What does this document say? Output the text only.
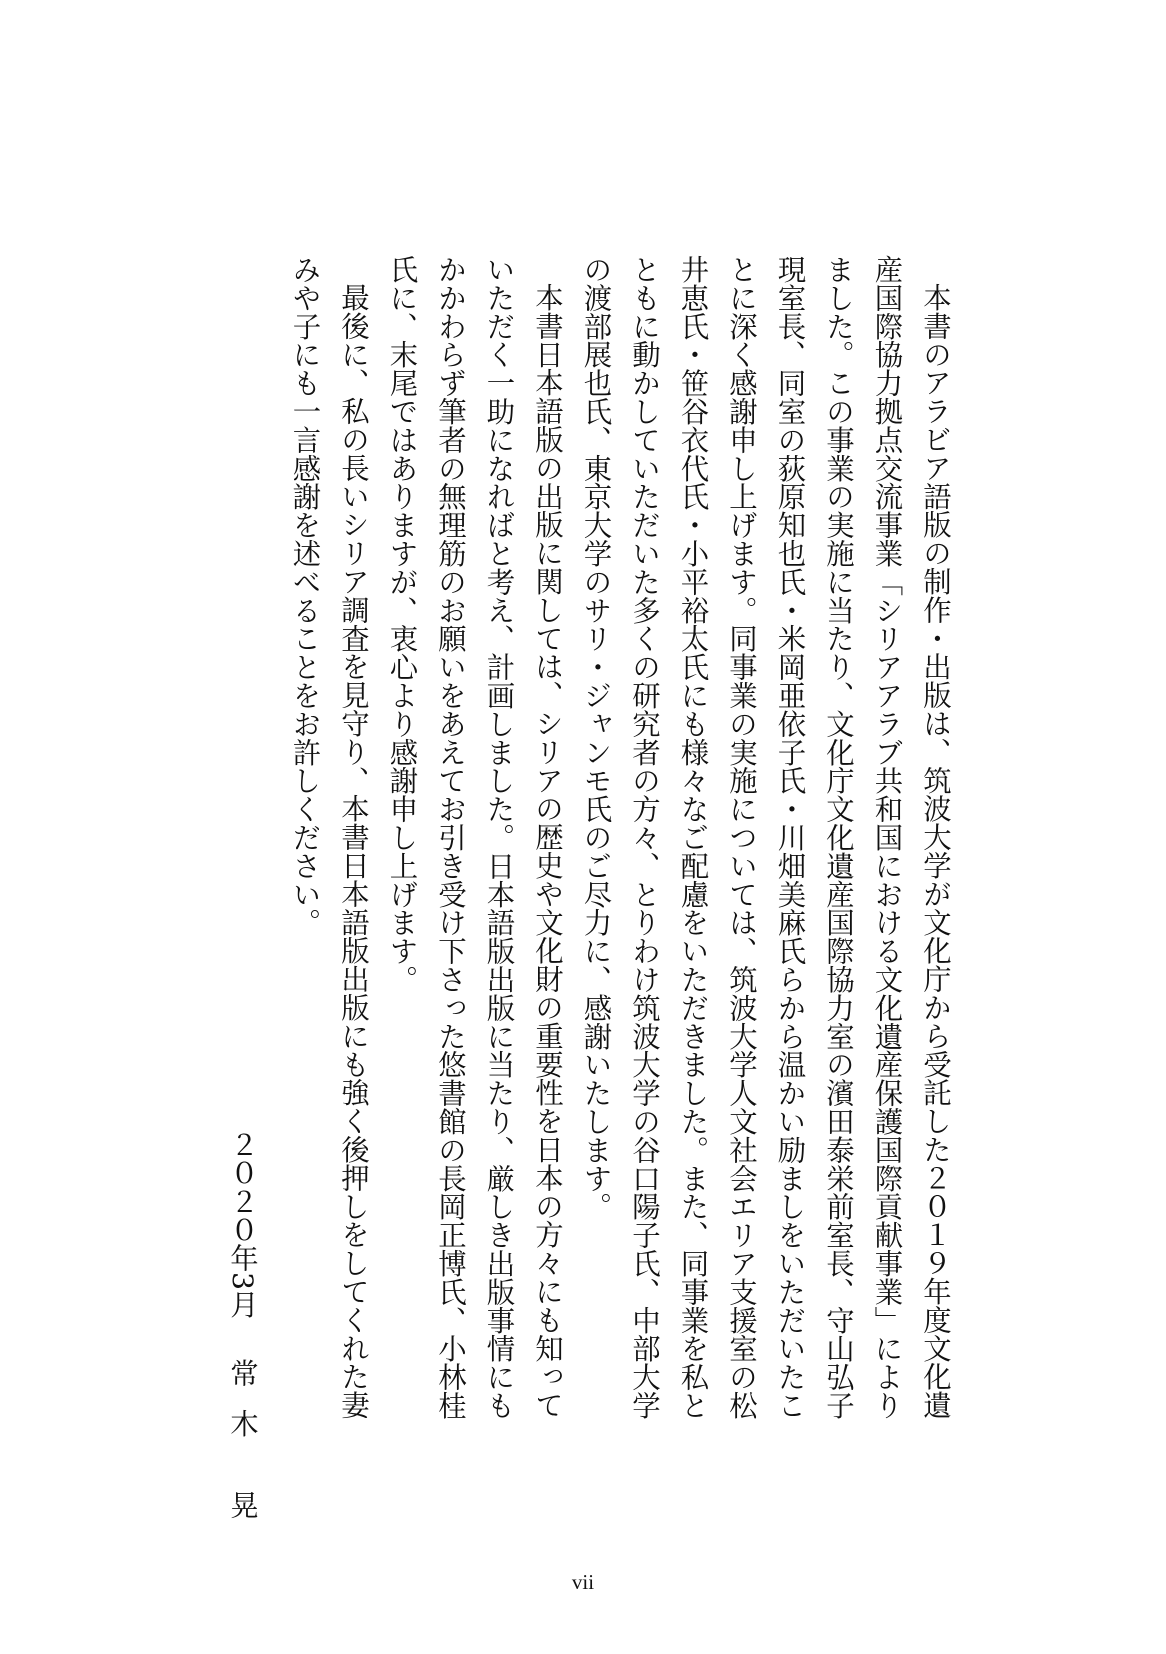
本書のアラビア語版の制作・出版は、筑波大学が文化庁から受託した２０１９年度文化遺産国際協力拠点交流事業「シリアアラブ共和国における文化遺産保護国際貢献事業」によりました。この事業の実施に当たり、文化庁文化遺産国際協力室の濱田泰栄前室長、守山弘子現室長、同室の荻原知也氏・米岡亜依子氏・川畑美麻氏らから温かい励ましをいただいたことに深く感謝申し上げます。同事業の実施については、筑波大学人文社会エリア支援室の松井恵氏・笹谷衣代氏・小平裕太氏にも様々なご配慮をいただきました。また、同事業を私とともに動かしていただいた多くの研究者の方々、とりわけ筑波大学の谷口陽子氏、中部大学の渡部展也氏、東京大学のサリ・ジャンモ氏のご尽力に、感謝いたします。

本書日本語版の出版に関しては、シリアの歴史や文化財の重要性を日本の方々にも知っていただく一助になればと考え、計画しました。日本語版出版に当たり、厳しき出版事情にもかかわらず筆者の無理筋のお願いをあえてお引き受け下さった悠書館の長岡正博氏、小林桂氏に、末尾ではありますが、衷心より感謝申し上げます。

最後に、私の長いシリア調査を見守り、本書日本語版出版にも強く後押しをしてくれた妻みや子にも一言感謝を述べることをお許しください。

２０２０年3月常木 晃

vii
